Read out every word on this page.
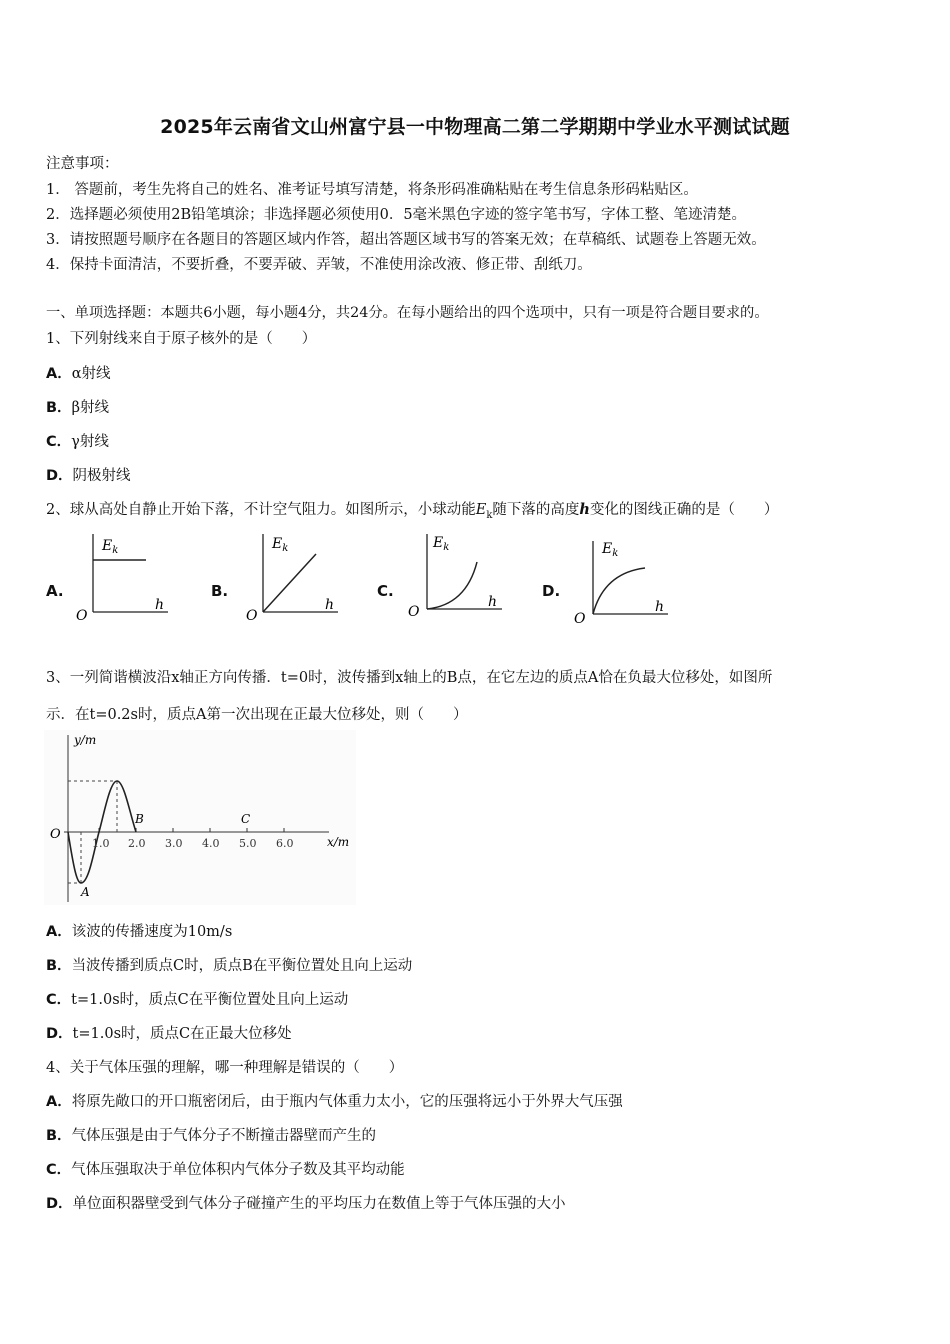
2025年云南省文山州富宁县一中物理高二第二学期期中学业水平测试试题
注意事项：
1． 答题前，考生先将自己的姓名、准考证号填写清楚，将条形码准确粘贴在考生信息条形码粘贴区。
2．选择题必须使用2B铅笔填涂；非选择题必须使用0．5毫米黑色字迹的签字笔书写，字体工整、笔迹清楚。
3．请按照题号顺序在各题目的答题区域内作答，超出答题区域书写的答案无效；在草稿纸、试题卷上答题无效。
4．保持卡面清洁，不要折叠，不要弄破、弄皱，不准使用涂改液、修正带、刮纸刀。
一、单项选择题：本题共6小题，每小题4分，共24分。在每小题给出的四个选项中，只有一项是符合题目要求的。
1、下列射线来自于原子核外的是（　　）
A．α射线
B．β射线
C．γ射线
D．阴极射线
2、球从高处自静止开始下落，不计空气阻力。如图所示，小球动能$E_k$随下落的高度h变化的图线正确的是（　　）
A.	B.	C.	D.
$E_k$
h
O
$E_k$
h
O
$E_k$
h
O
$E_k$
h
O
3、一列简谐横波沿x轴正方向传播．t=0时，波传播到x轴上的B点，在它左边的质点A恰在负最大位移处，如图所
示．在t=0.2s时，质点A第一次出现在正最大位移处，则（　　）
O
y/m
x/m
1.0 2.0 3.0 4.0 5.0 6.0
A
B	C
A．该波的传播速度为10m/s
B．当波传播到质点C时，质点B在平衡位置处且向上运动
C．t=1.0s时，质点C在平衡位置处且向上运动
D．t=1.0s时，质点C在正最大位移处
4、关于气体压强的理解，哪一种理解是错误的（　　）
A．将原先敞口的开口瓶密闭后，由于瓶内气体重力太小，它的压强将远小于外界大气压强
B．气体压强是由于气体分子不断撞击器壁而产生的
C．气体压强取决于单位体积内气体分子数及其平均动能
D．单位面积器壁受到气体分子碰撞产生的平均压力在数值上等于气体压强的大小
